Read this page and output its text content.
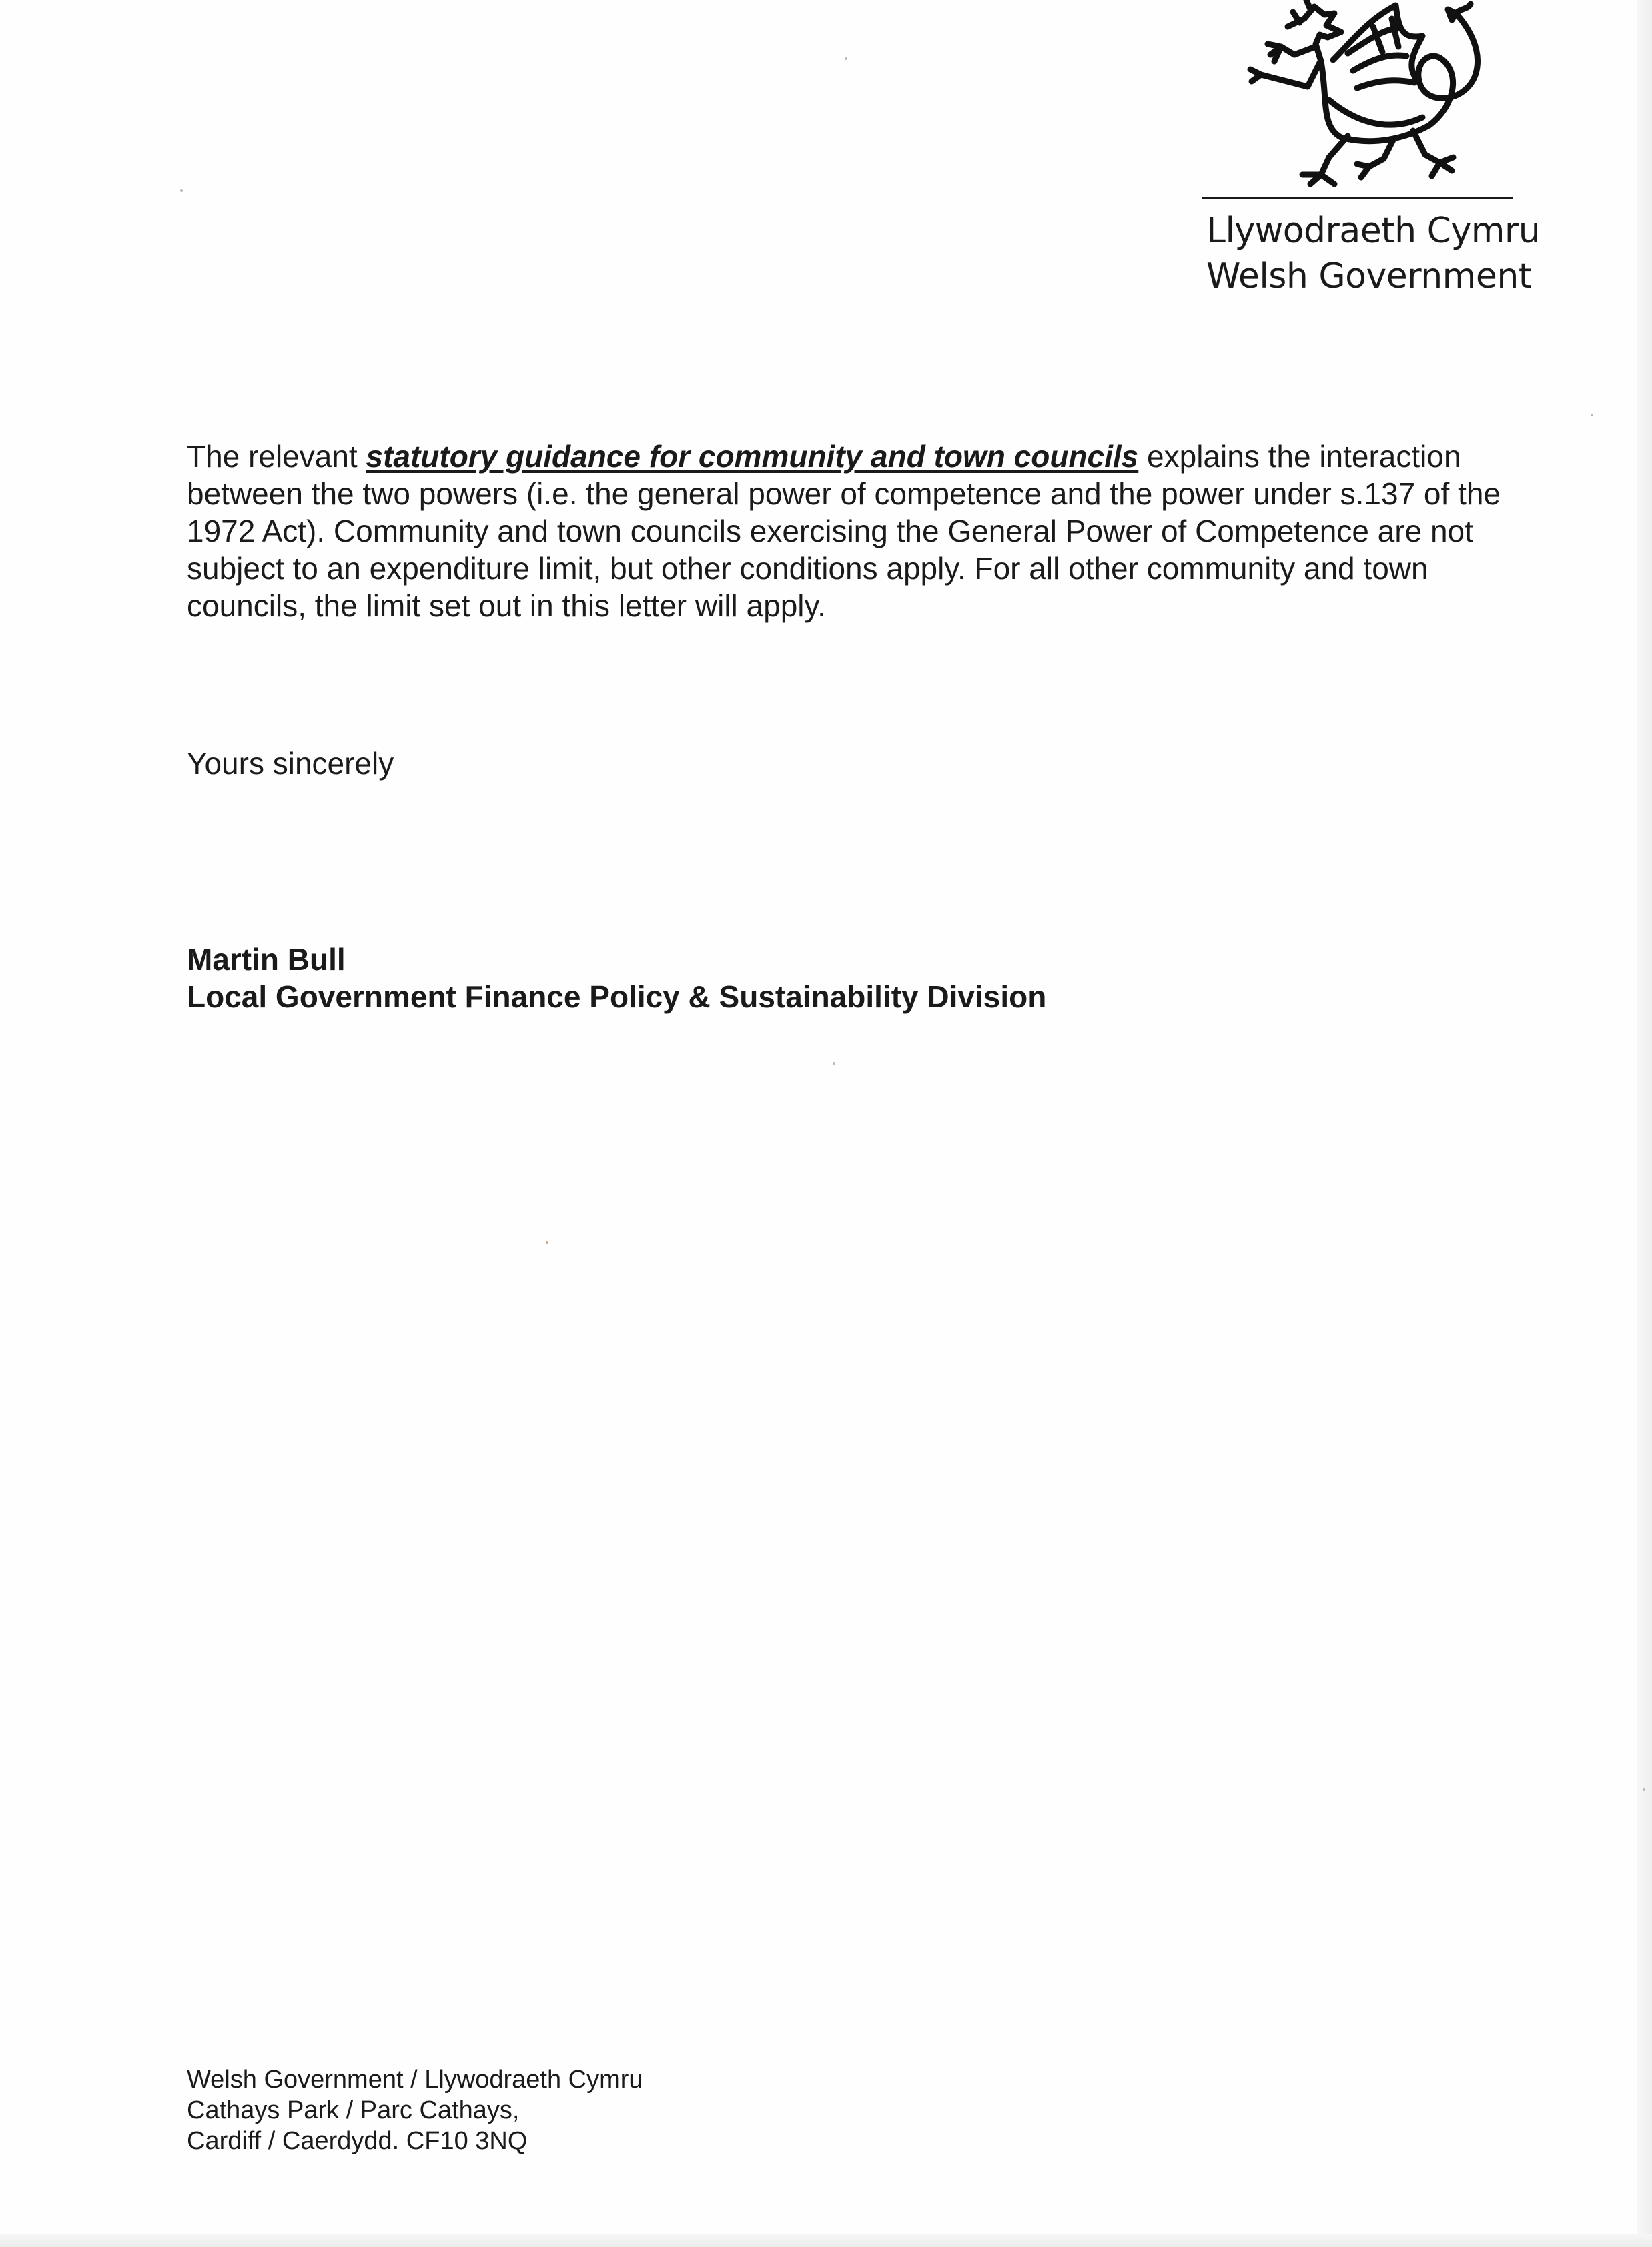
Llywodraeth Cymru
Welsh Government
The relevant statutory guidance for community and town councils explains the interaction between the two powers (i.e. the general power of competence and the power under s.137 of the 1972 Act). Community and town councils exercising the General Power of Competence are not subject to an expenditure limit, but other conditions apply. For all other community and town councils, the limit set out in this letter will apply.
Yours sincerely
Martin Bull
Local Government Finance Policy & Sustainability Division
Welsh Government / Llywodraeth Cymru
Cathays Park / Parc Cathays,
Cardiff / Caerdydd. CF10 3NQ
